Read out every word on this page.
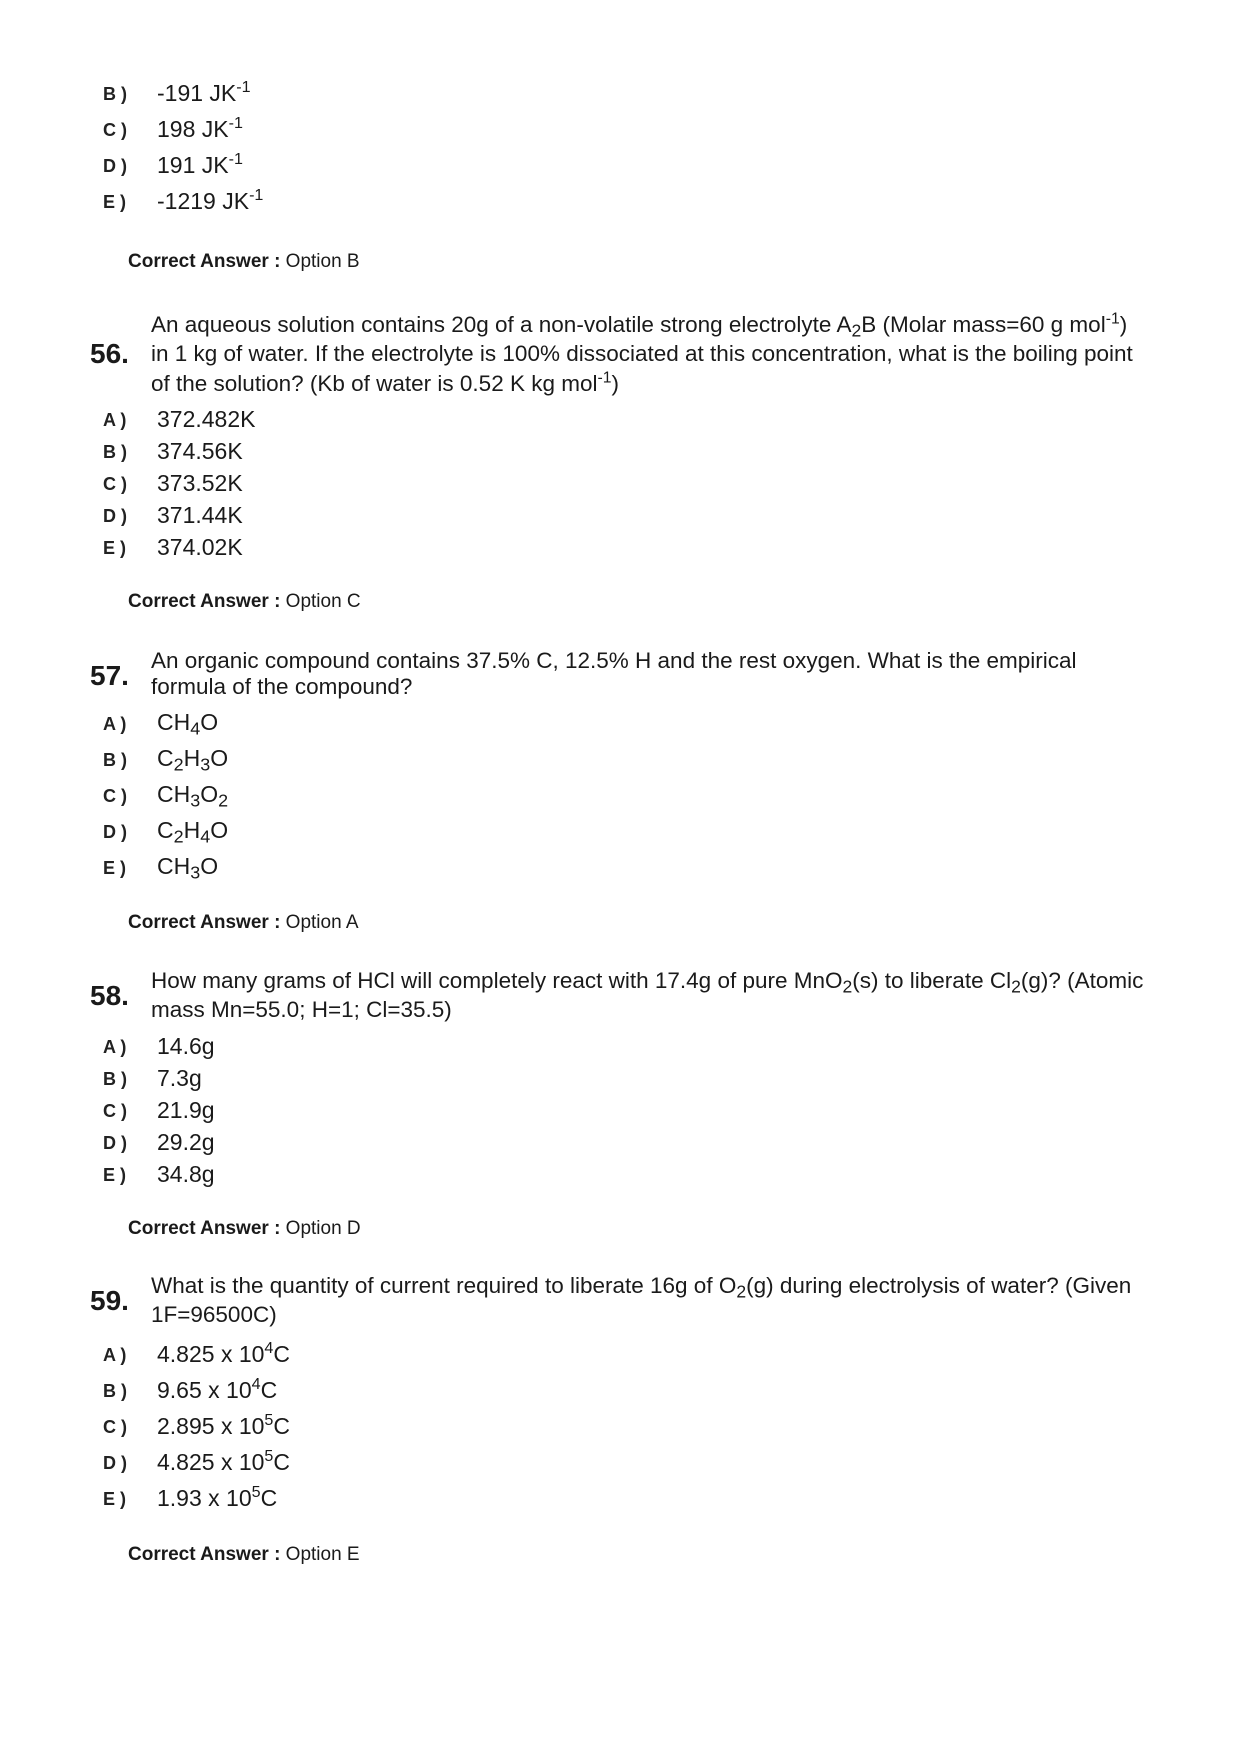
B ) -191 $JK^{-1}$
C ) 198 $JK^{-1}$
D ) 191 $JK^{-1}$
E ) -1219 $JK^{-1}$
Correct Answer : Option B
56.
An aqueous solution contains 20g of a non-volatile strong electrolyte $A_2B$ (Molar mass=60 g mol$^{-1}$)
in 1 kg of water. If the electrolyte is 100% dissociated at this concentration, what is the boiling point
of the solution? (Kb of water is 0.52 K kg mol$^{-1}$)
A ) 372.482K
B ) 374.56K
C ) 373.52K
D ) 371.44K
E ) 374.02K
Correct Answer : Option C
57. An organic compound contains 37.5% C, 12.5% H and the rest oxygen. What is the empirical
formula of the compound?
A ) $CH_4O$
B ) $C_2H_3O$
C ) $CH_3O_2$
D ) $C_2H_4O$
E ) $CH_3O$
Correct Answer : Option A
58. How many grams of HCl will completely react with 17.4g of pure MnO$_2$(s) to liberate $Cl_2(g)$? (Atomic
mass Mn=55.0; H=1; Cl=35.5)
A ) 14.6g
B ) 7.3g
C ) 21.9g
D ) 29.2g
E ) 34.8g
Correct Answer : Option D
59. What is the quantity of current required to liberate 16g of $O_2(g)$ during electrolysis of water? (Given
1F=96500C)
A ) 4.825 x $10^4C$
B ) 9.65 x $10^4C$
C ) 2.895 x $10^5C$
D ) 4.825 x $10^5C$
E ) 1.93 x $10^5C$
Correct Answer : Option E
